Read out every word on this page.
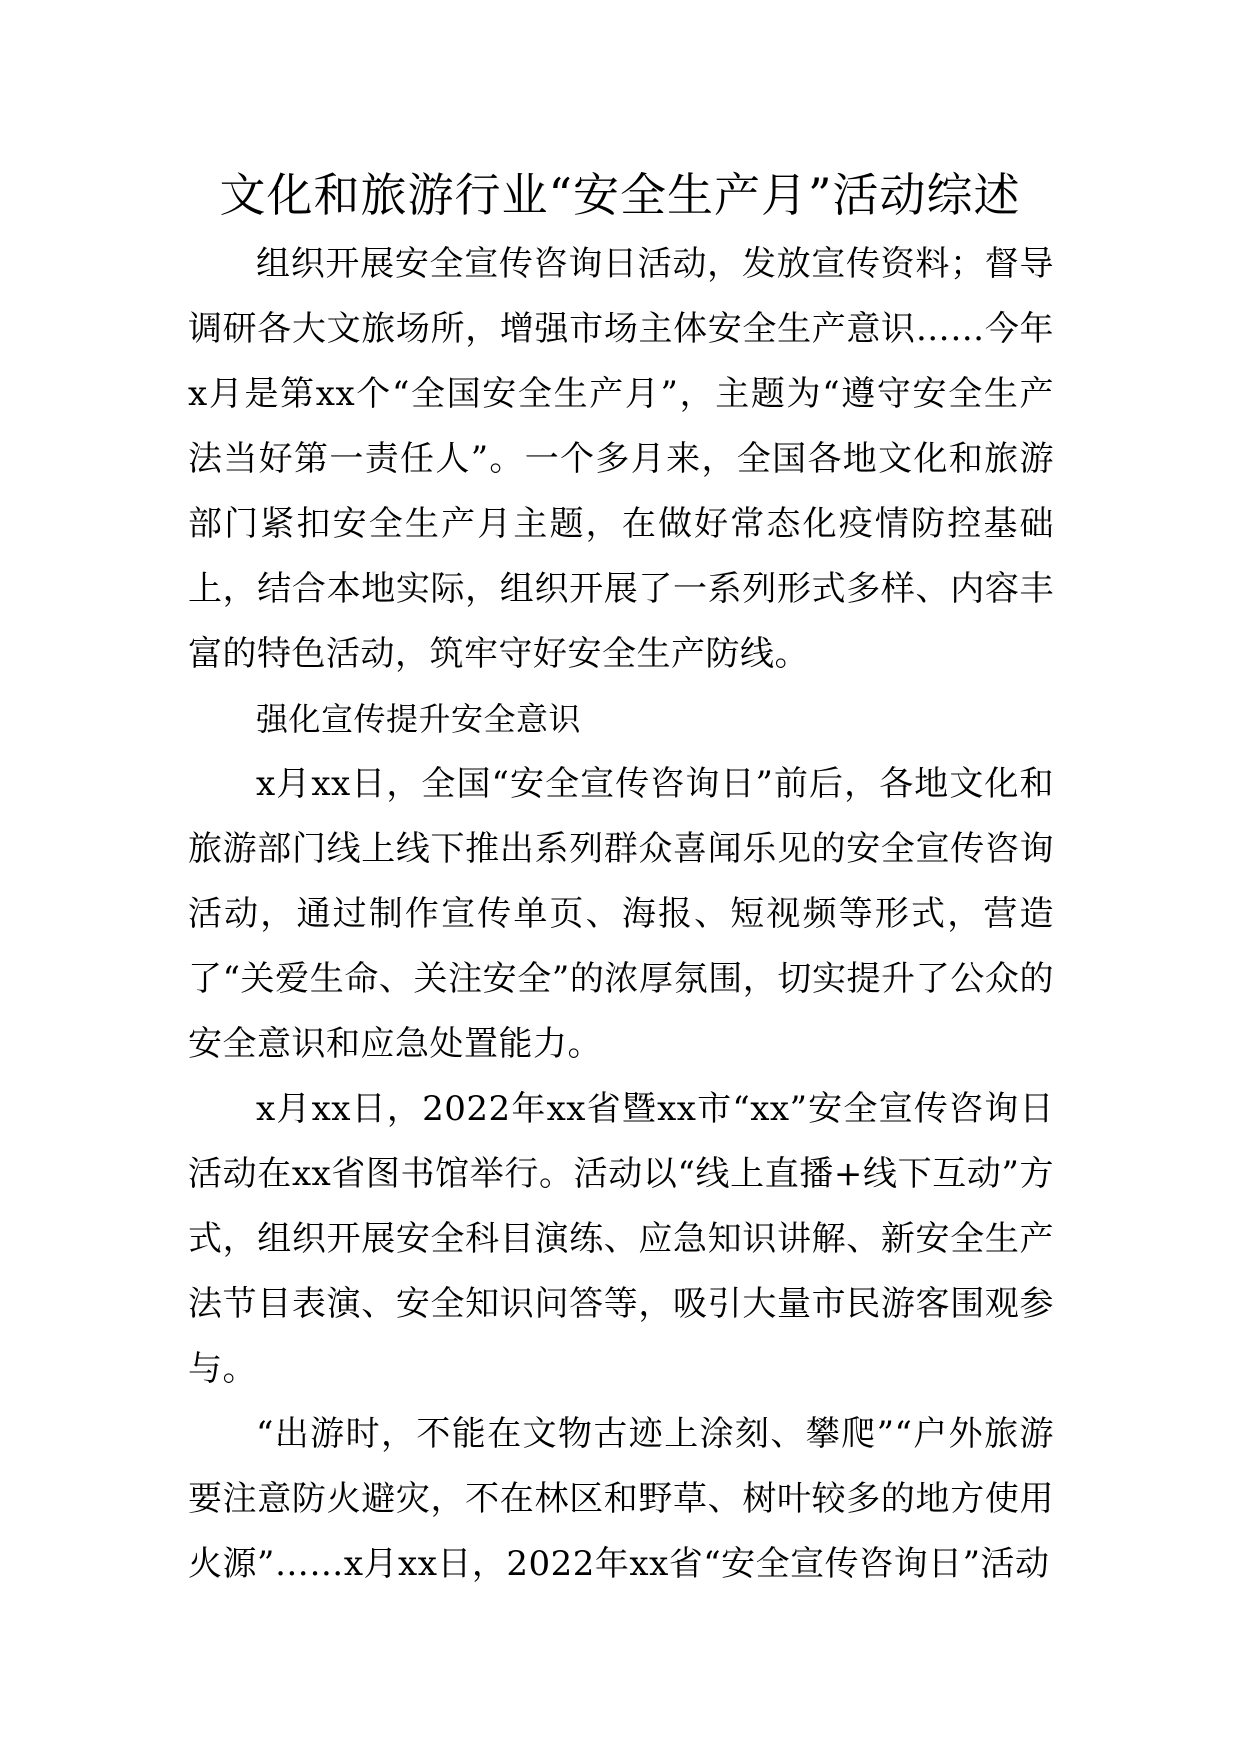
文化和旅游行业“安全生产月”活动综述

组织开展安全宣传咨询日活动，发放宣传资料；督导调研各大文旅场所，增强市场主体安全生产意识……今年x月是第xx个“全国安全生产月”，主题为“遵守安全生产法当好第一责任人”。一个多月来，全国各地文化和旅游部门紧扣安全生产月主题，在做好常态化疫情防控基础上，结合本地实际，组织开展了一系列形式多样、内容丰富的特色活动，筑牢守好安全生产防线。

强化宣传提升安全意识

x月xx日，全国“安全宣传咨询日”前后，各地文化和旅游部门线上线下推出系列群众喜闻乐见的安全宣传咨询活动，通过制作宣传单页、海报、短视频等形式，营造了“关爱生命、关注安全”的浓厚氛围，切实提升了公众的安全意识和应急处置能力。

x月xx日，2022年xx省暨xx市“xx”安全宣传咨询日活动在xx省图书馆举行。活动以“线上直播+线下互动”方式，组织开展安全科目演练、应急知识讲解、新安全生产法节目表演、安全知识问答等，吸引大量市民游客围观参与。

“出游时，不能在文物古迹上涂刻、攀爬”“户外旅游要注意防火避灾，不在林区和野草、树叶较多的地方使用火源”……x月xx日，2022年xx省“安全宣传咨询日”活动
